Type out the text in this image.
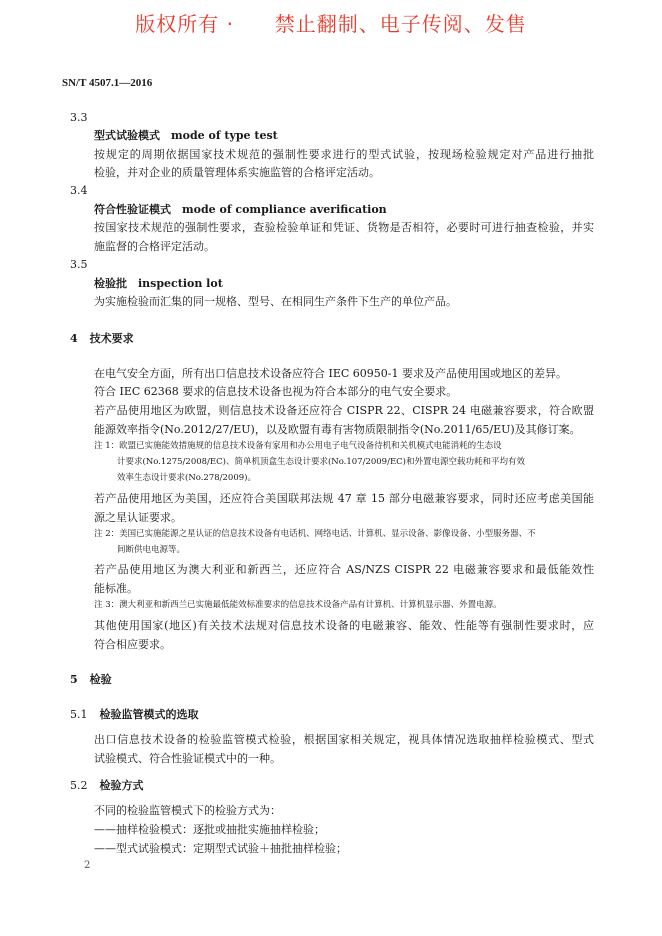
版权所有 · 禁止翻制、电子传阅、发售
SN/T 4507.1—2016
3.3
型式试验模式　mode of type test
按规定的周期依据国家技术规范的强制性要求进行的型式试验，按现场检验规定对产品进行抽批
检验，并对企业的质量管理体系实施监管的合格评定活动。
3.4
符合性验证模式　mode of compliance averification
按国家技术规范的强制性要求，查验检验单证和凭证、货物是否相符，必要时可进行抽查检验，并实
施监督的合格评定活动。
3.5
检验批　inspection lot
为实施检验而汇集的同一规格、型号、在相同生产条件下生产的单位产品。
4 技术要求
在电气安全方面，所有出口信息技术设备应符合 IEC 60950-1 要求及产品使用国或地区的差异。
符合 IEC 62368 要求的信息技术设备也视为符合本部分的电气安全要求。
若产品使用地区为欧盟，则信息技术设备还应符合 CISPR 22、CISPR 24 电磁兼容要求，符合欧盟
能源效率指令(No.2012/27/EU)，以及欧盟有毒有害物质限制指令(No.2011/65/EU)及其修订案。
注 1：欧盟已实施能效措施规的信息技术设备有家用和办公用电子电气设备待机和关机模式电能消耗的生态设
计要求(No.1275/2008/EC)、简单机顶盒生态设计要求(No.107/2009/EC)和外置电源空载功耗和平均有效
效率生态设计要求(No.278/2009)。
若产品使用地区为美国，还应符合美国联邦法规 47 章 15 部分电磁兼容要求，同时还应考虑美国能
源之星认证要求。
注 2：美国已实施能源之星认证的信息技术设备有电话机、网络电话、计算机、显示设备、影像设备、小型服务器、不
间断供电电源等。
若产品使用地区为澳大利亚和新西兰，还应符合 AS/NZS CISPR 22 电磁兼容要求和最低能效性
能标准。
注 3：澳大利亚和新西兰已实施最低能效标准要求的信息技术设备产品有计算机、计算机显示器、外置电源。
其他使用国家(地区)有关技术法规对信息技术设备的电磁兼容、能效、性能等有强制性要求时，应
符合相应要求。
5 检验
5.1 检验监管模式的选取
出口信息技术设备的检验监管模式检验，根据国家相关规定，视具体情况选取抽样检验模式、型式
试验模式、符合性验证模式中的一种。
5.2 检验方式
不同的检验监管模式下的检验方式为：
——抽样检验模式：逐批或抽批实施抽样检验；
——型式试验模式：定期型式试验＋抽批抽样检验；
2
